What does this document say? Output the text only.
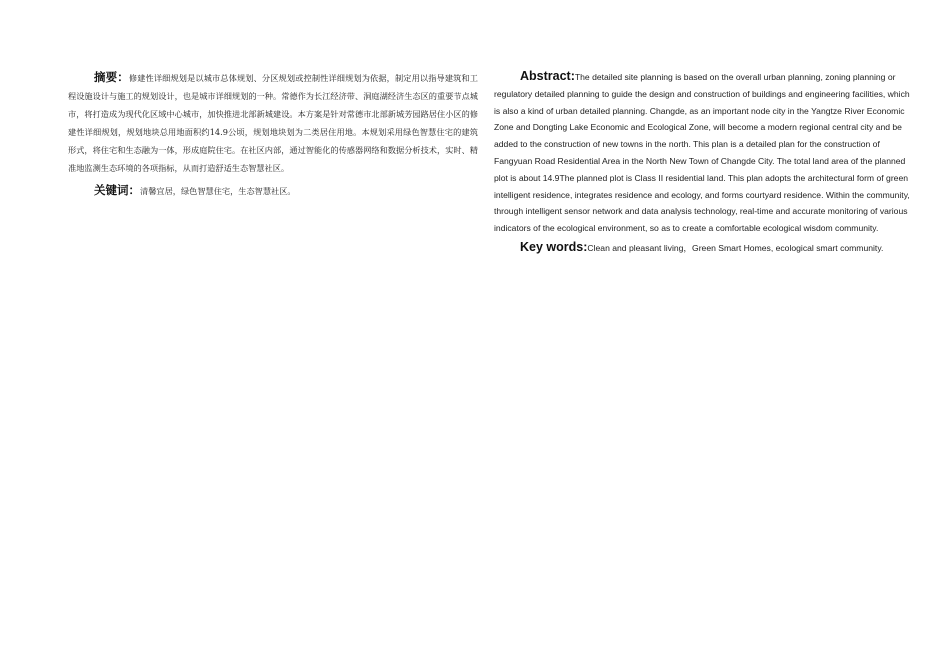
摘要：修建性详细规划是以城市总体规划、分区规划或控制性详细规划为依据，制定用以指导建筑和工程设施设计与施工的规划设计，也是城市详细规划的一种。常德作为长江经济带、洞庭湖经济生态区的重要节点城市，将打造成为现代化区域中心城市，加快推进北部新城建设。本方案是针对常德市北部新城芳园路居住小区的修建性详细规划，规划地块总用地面积约14.9公顷，规划地块划为二类居住用地。本规划采用绿色智慧住宅的建筑形式，将住宅和生态融为一体，形成庭院住宅。在社区内部，通过智能化的传感器网络和数据分析技术，实时、精准地监测生态环境的各项指标，从而打造舒适生态智慧社区。

关键词：清馨宜居，绿色智慧住宅，生态智慧社区。

Abstract:The detailed site planning is based on the overall urban planning, zoning planning or regulatory detailed planning to guide the design and construction of buildings and engineering facilities, which is also a kind of urban detailed planning. Changde, as an important node city in the Yangtze River Economic Zone and Dongting Lake Economic and Ecological Zone, will become a modern regional central city and be added to the construction of new towns in the north. This plan is a detailed plan for the construction of Fangyuan Road Residential Area in the North New Town of Changde City. The total land area of the planned plot is about 14.9The planned plot is Class II residential land. This plan adopts the architectural form of green intelligent residence, integrates residence and ecology, and forms courtyard residence. Within the community, through intelligent sensor network and data analysis technology, real-time and accurate monitoring of various indicators of the ecological environment, so as to create a comfortable ecological wisdom community.

Key words:Clean and pleasant living，Green Smart Homes, ecological smart community.
